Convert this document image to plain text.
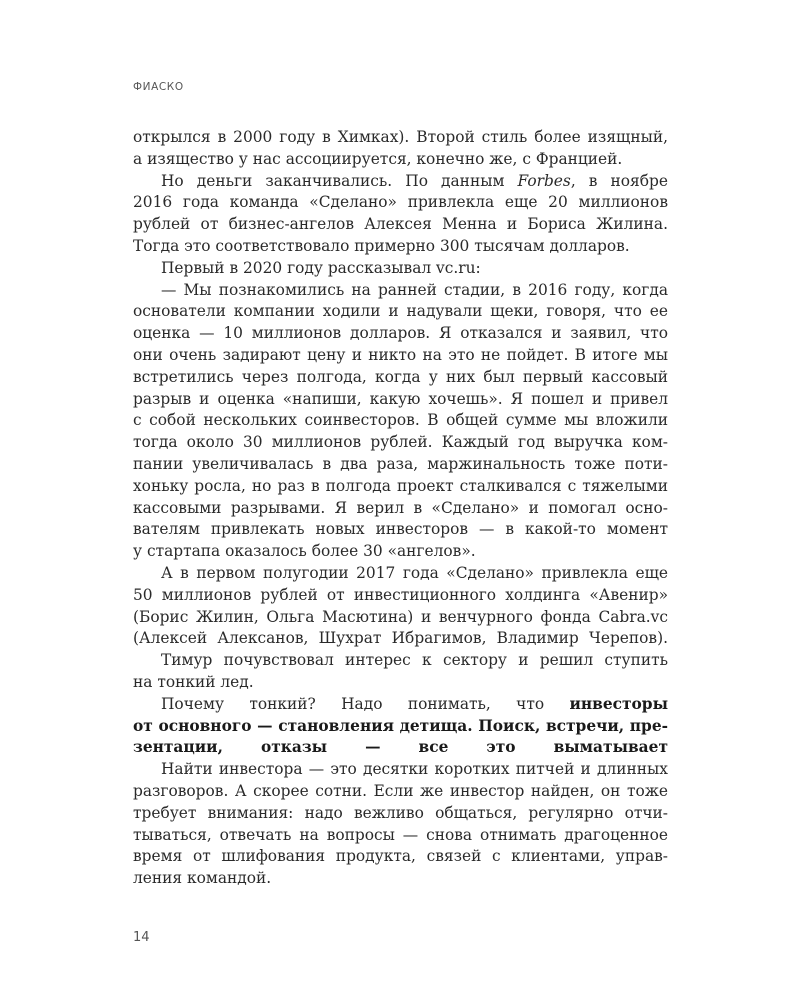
ФИАСКО
открылся в 2000 году в Химках). Второй стиль более изящный,
а изящество у нас ассоциируется, конечно же, с Францией.
Но деньги заканчивались. По данным Forbes, в ноябре
2016 года команда «Сделано» привлекла еще 20 миллионов
рублей от бизнес-ангелов Алексея Менна и Бориса Жилина.
Тогда это соответствовало примерно 300 тысячам долларов.
Первый в 2020 году рассказывал vc.ru:
— Мы познакомились на ранней стадии, в 2016 году, когда
основатели компании ходили и надували щеки, говоря, что ее
оценка — 10 миллионов долларов. Я отказался и заявил, что
они очень задирают цену и никто на это не пойдет. В итоге мы
встретились через полгода, когда у них был первый кассовый
разрыв и оценка «напиши, какую хочешь». Я пошел и привел
с собой нескольких соинвесторов. В общей сумме мы вложили
тогда около 30 миллионов рублей. Каждый год выручка ком-
пании увеличивалась в два раза, маржинальность тоже поти-
хоньку росла, но раз в полгода проект сталкивался с тяжелыми
кассовыми разрывами. Я верил в «Сделано» и помогал осно-
вателям привлекать новых инвесторов — в какой-то момент
у стартапа оказалось более 30 «ангелов».
А в первом полугодии 2017 года «Сделано» привлекла еще
50 миллионов рублей от инвестиционного холдинга «Авенир»
(Борис Жилин, Ольга Масютина) и венчурного фонда Cabra.vc
(Алексей Алексанов, Шухрат Ибрагимов, Владимир Черепов).
Тимур почувствовал интерес к сектору и решил ступить
на тонкий лед.
Почему тонкий? Надо понимать, что инвесторы
от основного — становления детища. Поиск, встречи, пре-
зентации, отказы — все это выматывает
Найти инвестора — это десятки коротких питчей и длинных
разговоров. А скорее сотни. Если же инвестор найден, он тоже
требует внимания: надо вежливо общаться, регулярно отчи-
тываться, отвечать на вопросы — снова отнимать драгоценное
время от шлифования продукта, связей с клиентами, управ-
ления командой.
14
